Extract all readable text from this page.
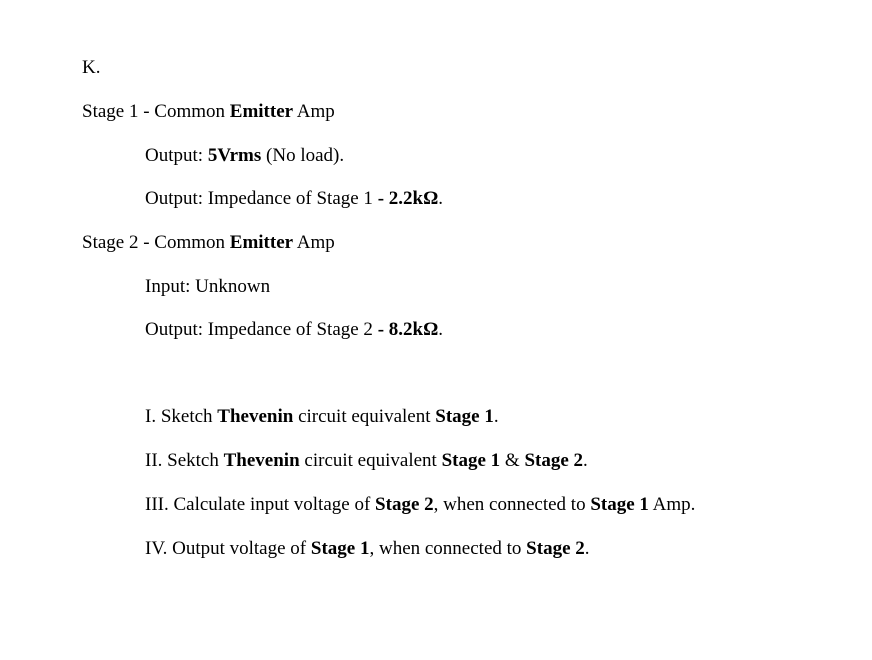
K.
Stage 1 - Common Emitter Amp
Output: 5Vrms (No load).
Output: Impedance of Stage 1 - 2.2kΩ.
Stage 2 - Common Emitter Amp
Input: Unknown
Output: Impedance of Stage 2 - 8.2kΩ.
I. Sketch Thevenin circuit equivalent Stage 1.
II. Sektch Thevenin circuit equivalent Stage 1 & Stage 2.
III. Calculate input voltage of Stage 2, when connected to Stage 1 Amp.
IV. Output voltage of Stage 1, when connected to Stage 2.
